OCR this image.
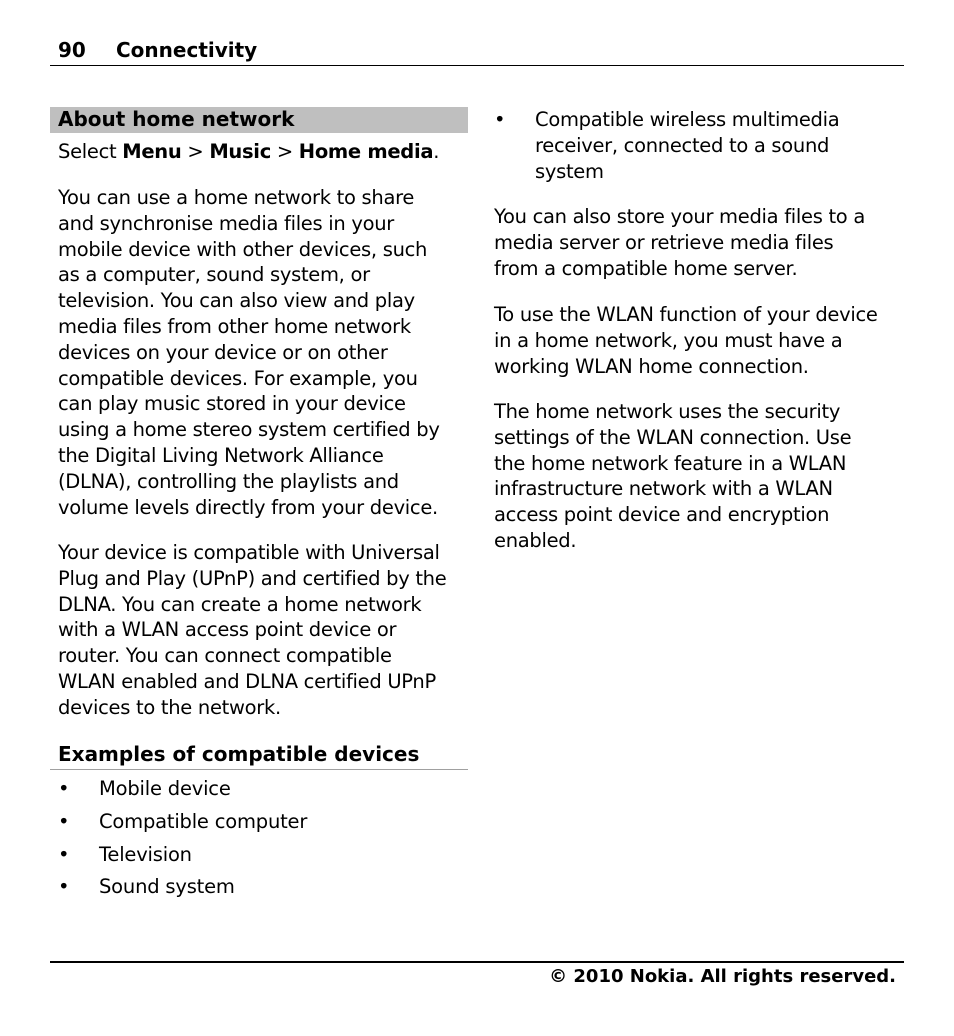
90 Connectivity
About home network

Select Menu > Music > Home media.

You can use a home network to share
and synchronise media files in your
mobile device with other devices, such
as a computer, sound system, or
television. You can also view and play
media files from other home network
devices on your device or on other
compatible devices. For example, you
can play music stored in your device
using a home stereo system certified by
the Digital Living Network Alliance
(DLNA), controlling the playlists and
volume levels directly from your device.
Your device is compatible with Universal
Plug and Play (UPnP) and certified by the
DLNA. You can create a home network
with a WLAN access point device or
router. You can connect compatible
WLAN enabled and DLNA certified UPnP
devices to the network.
Examples of compatible devices
• Mobile device
• Compatible computer
• Television
• Sound system
• Compatible wireless multimedia
receiver, connected to a sound
system
You can also store your media files to a
media server or retrieve media files
from a compatible home server.
To use the WLAN function of your device
in a home network, you must have a
working WLAN home connection.
The home network uses the security
settings of the WLAN connection. Use
the home network feature in a WLAN
infrastructure network with a WLAN
access point device and encryption
enabled.
© 2010 Nokia. All rights reserved.
